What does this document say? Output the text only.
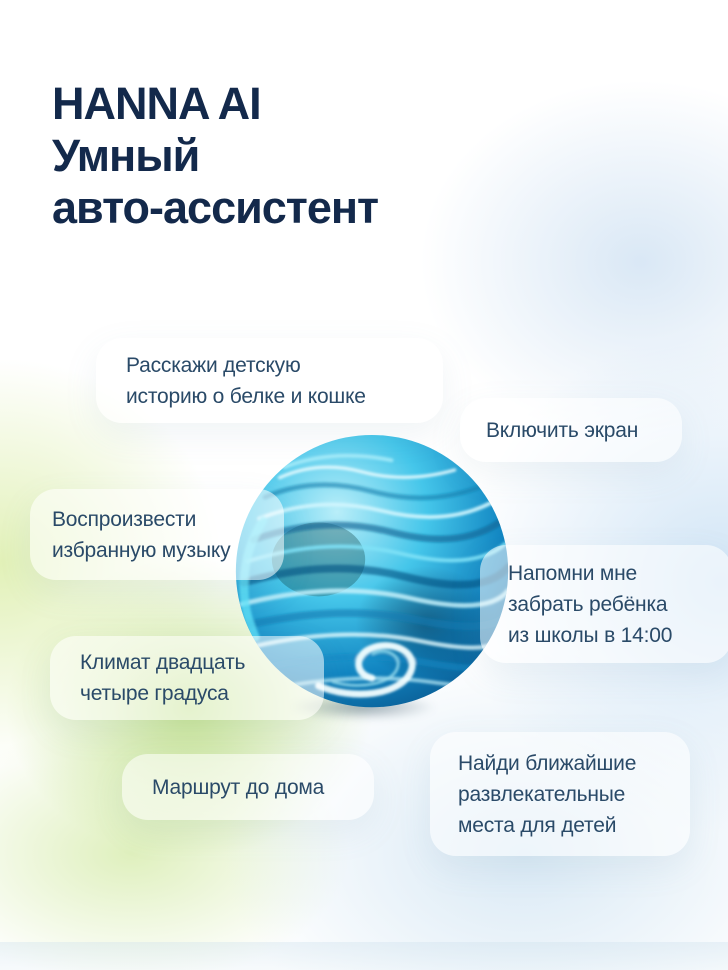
HANNA AI
Умный
авто-ассистент
Расскажи детскую
историю о белке и кошке
Включить экран
Воспроизвести
избранную музыку
Напомни мне
забрать ребёнка
из школы в 14:00
Климат двадцать
четыре градуса
Маршрут до дома
Найди ближайшие
развлекательные
места для детей
